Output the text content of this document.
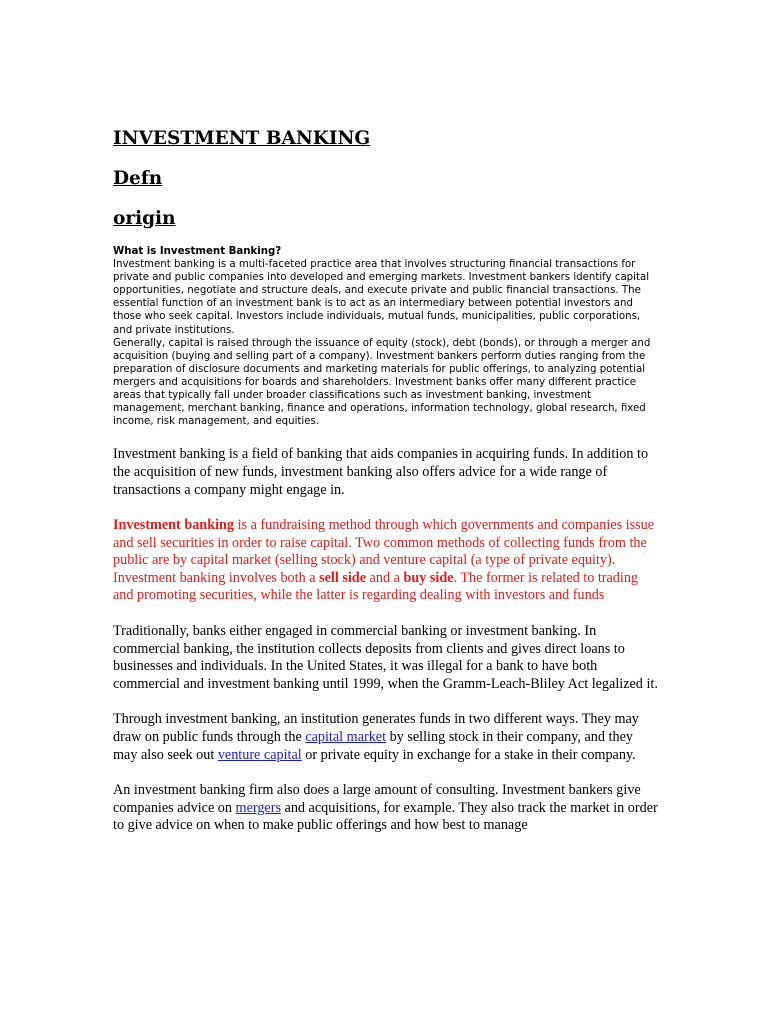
INVESTMENT BANKING
Defn
origin

What is Investment Banking?

Investment banking is a multi-faceted practice area that involves structuring financial transactions for private and public companies into developed and emerging markets. Investment bankers identify capital opportunities, negotiate and structure deals, and execute private and public financial transactions. The essential function of an investment bank is to act as an intermediary between potential investors and those who seek capital. Investors include individuals, mutual funds, municipalities, public corporations, and private institutions.

Generally, capital is raised through the issuance of equity (stock), debt (bonds), or through a merger and acquisition (buying and selling part of a company). Investment bankers perform duties ranging from the preparation of disclosure documents and marketing materials for public offerings, to analyzing potential mergers and acquisitions for boards and shareholders. Investment banks offer many different practice areas that typically fall under broader classifications such as investment banking, investment management, merchant banking, finance and operations, information technology, global research, fixed income, risk management, and equities.

Investment banking is a field of banking that aids companies in acquiring funds. In addition to the acquisition of new funds, investment banking also offers advice for a wide range of transactions a company might engage in.

Investment banking is a fundraising method through which governments and companies issue and sell securities in order to raise capital. Two common methods of collecting funds from the public are by capital market (selling stock) and venture capital (a type of private equity). Investment banking involves both a sell side and a buy side. The former is related to trading and promoting securities, while the latter is regarding dealing with investors and funds

Traditionally, banks either engaged in commercial banking or investment banking. In commercial banking, the institution collects deposits from clients and gives direct loans to businesses and individuals. In the United States, it was illegal for a bank to have both commercial and investment banking until 1999, when the Gramm-Leach-Bliley Act legalized it.

Through investment banking, an institution generates funds in two different ways. They may draw on public funds through the capital market by selling stock in their company, and they may also seek out venture capital or private equity in exchange for a stake in their company.

An investment banking firm also does a large amount of consulting. Investment bankers give companies advice on mergers and acquisitions, for example. They also track the market in order to give advice on when to make public offerings and how best to manage
